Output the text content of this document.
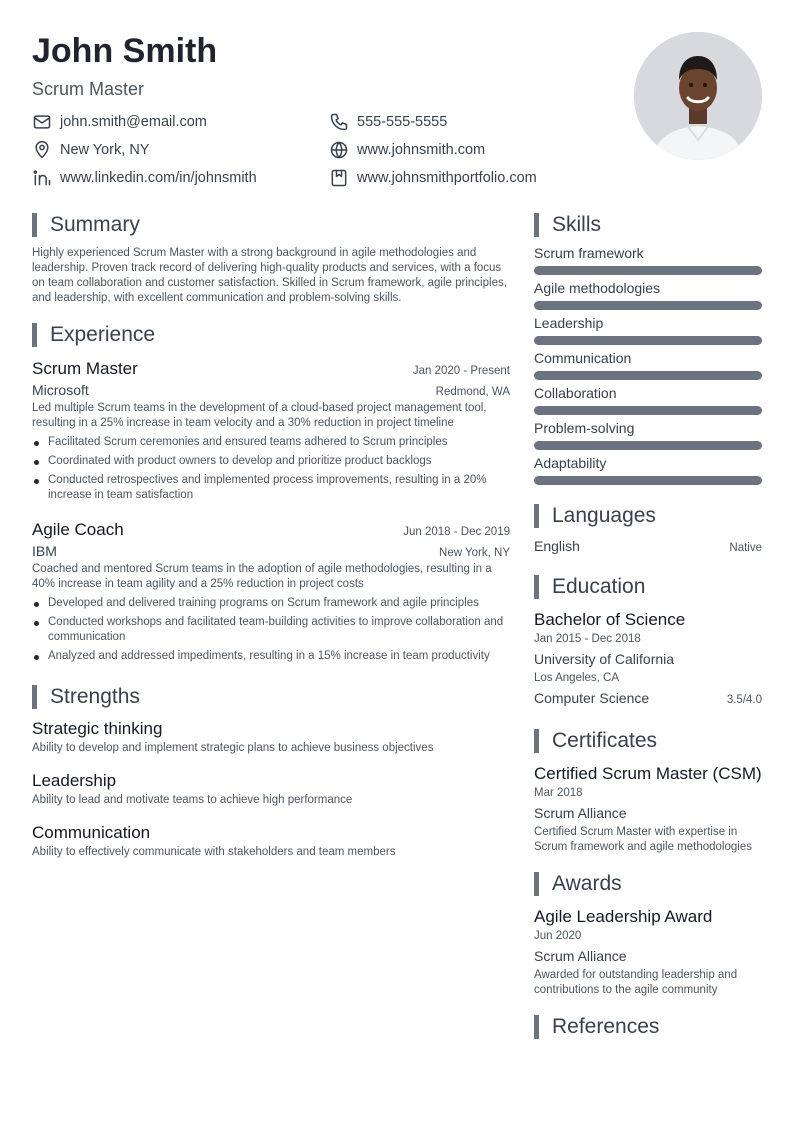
John Smith
Scrum Master
john.smith@email.com	555-555-5555
New York, NY	www.johnsmith.com
www.linkedin.com/in/johnsmith	www.johnsmithportfolio.com
Summary
Highly experienced Scrum Master with a strong background in agile methodologies and leadership. Proven track record of delivering high-quality products and services, with a focus on team collaboration and customer satisfaction. Skilled in Scrum framework, agile principles, and leadership, with excellent communication and problem-solving skills.
Experience
Scrum Master	Jan 2020 - Present
Microsoft	Redmond, WA
Led multiple Scrum teams in the development of a cloud-based project management tool, resulting in a 25% increase in team velocity and a 30% reduction in project timeline
Facilitated Scrum ceremonies and ensured teams adhered to Scrum principles
Coordinated with product owners to develop and prioritize product backlogs
Conducted retrospectives and implemented process improvements, resulting in a 20% increase in team satisfaction
Agile Coach	Jun 2018 - Dec 2019
IBM	New York, NY
Coached and mentored Scrum teams in the adoption of agile methodologies, resulting in a 40% increase in team agility and a 25% reduction in project costs
Developed and delivered training programs on Scrum framework and agile principles
Conducted workshops and facilitated team-building activities to improve collaboration and communication
Analyzed and addressed impediments, resulting in a 15% increase in team productivity
Strengths
Strategic thinking
Ability to develop and implement strategic plans to achieve business objectives
Leadership
Ability to lead and motivate teams to achieve high performance
Communication
Ability to effectively communicate with stakeholders and team members
Skills
Scrum framework
Agile methodologies
Leadership
Communication
Collaboration
Problem-solving
Adaptability
Languages
English	Native
Education
Bachelor of Science
Jan 2015 - Dec 2018
University of California
Los Angeles, CA
Computer Science	3.5/4.0
Certificates
Certified Scrum Master (CSM)
Mar 2018
Scrum Alliance
Certified Scrum Master with expertise in Scrum framework and agile methodologies
Awards
Agile Leadership Award
Jun 2020
Scrum Alliance
Awarded for outstanding leadership and contributions to the agile community
References
